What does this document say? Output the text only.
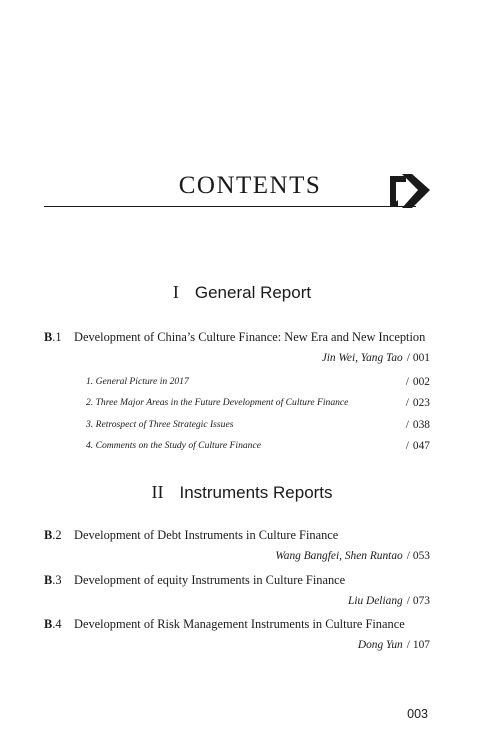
CONTENTS
I General Report
B.1 Development of China’s Culture Finance: New Era and New Inception
Jin Wei, Yang Tao / 001
1. General Picture in 2017	/ 002
2. Three Major Areas in the Future Development of Culture Finance	/ 023
3. Retrospect of Three Strategic Issues	/ 038
4. Comments on the Study of Culture Finance	/ 047
II Instruments Reports
B.2 Development of Debt Instruments in Culture Finance
Wang Bangfei, Shen Runtao / 053
B.3 Development of equity Instruments in Culture Finance
Liu Deliang / 073
B.4 Development of Risk Management Instruments in Culture Finance
Dong Yun / 107
003
